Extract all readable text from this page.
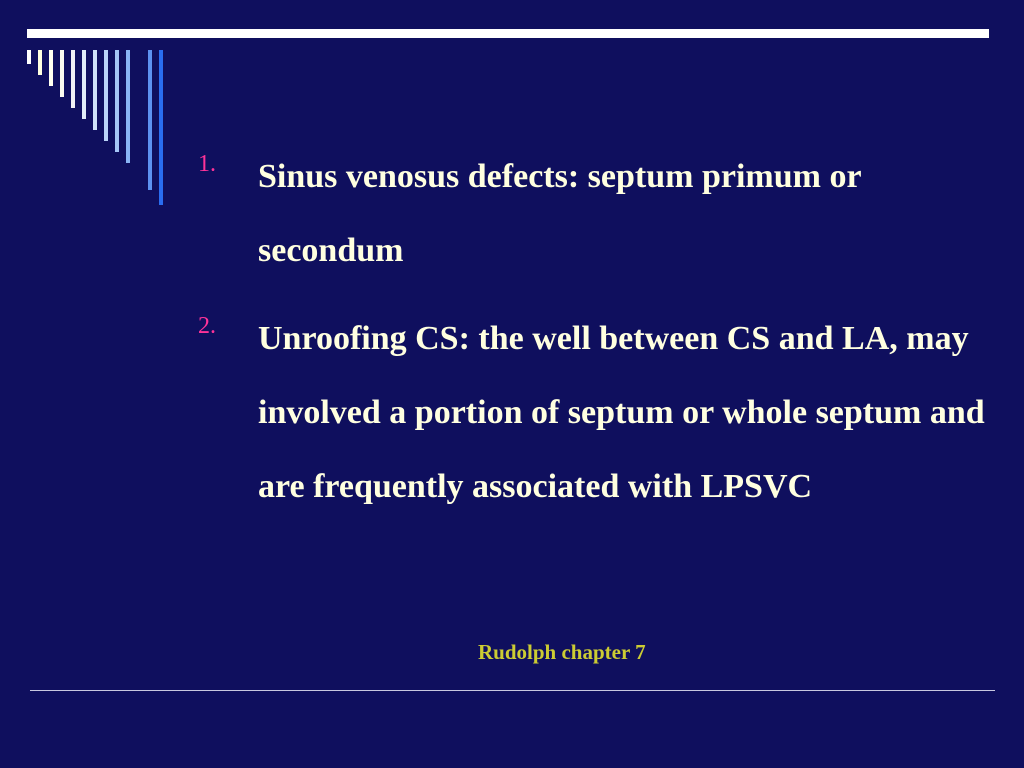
1. Sinus venosus defects: septum primum or secondum
2. Unroofing CS: the well between CS and LA, may involved a portion of septum or whole septum and are frequently associated with LPSVC
Rudolph chapter 7
